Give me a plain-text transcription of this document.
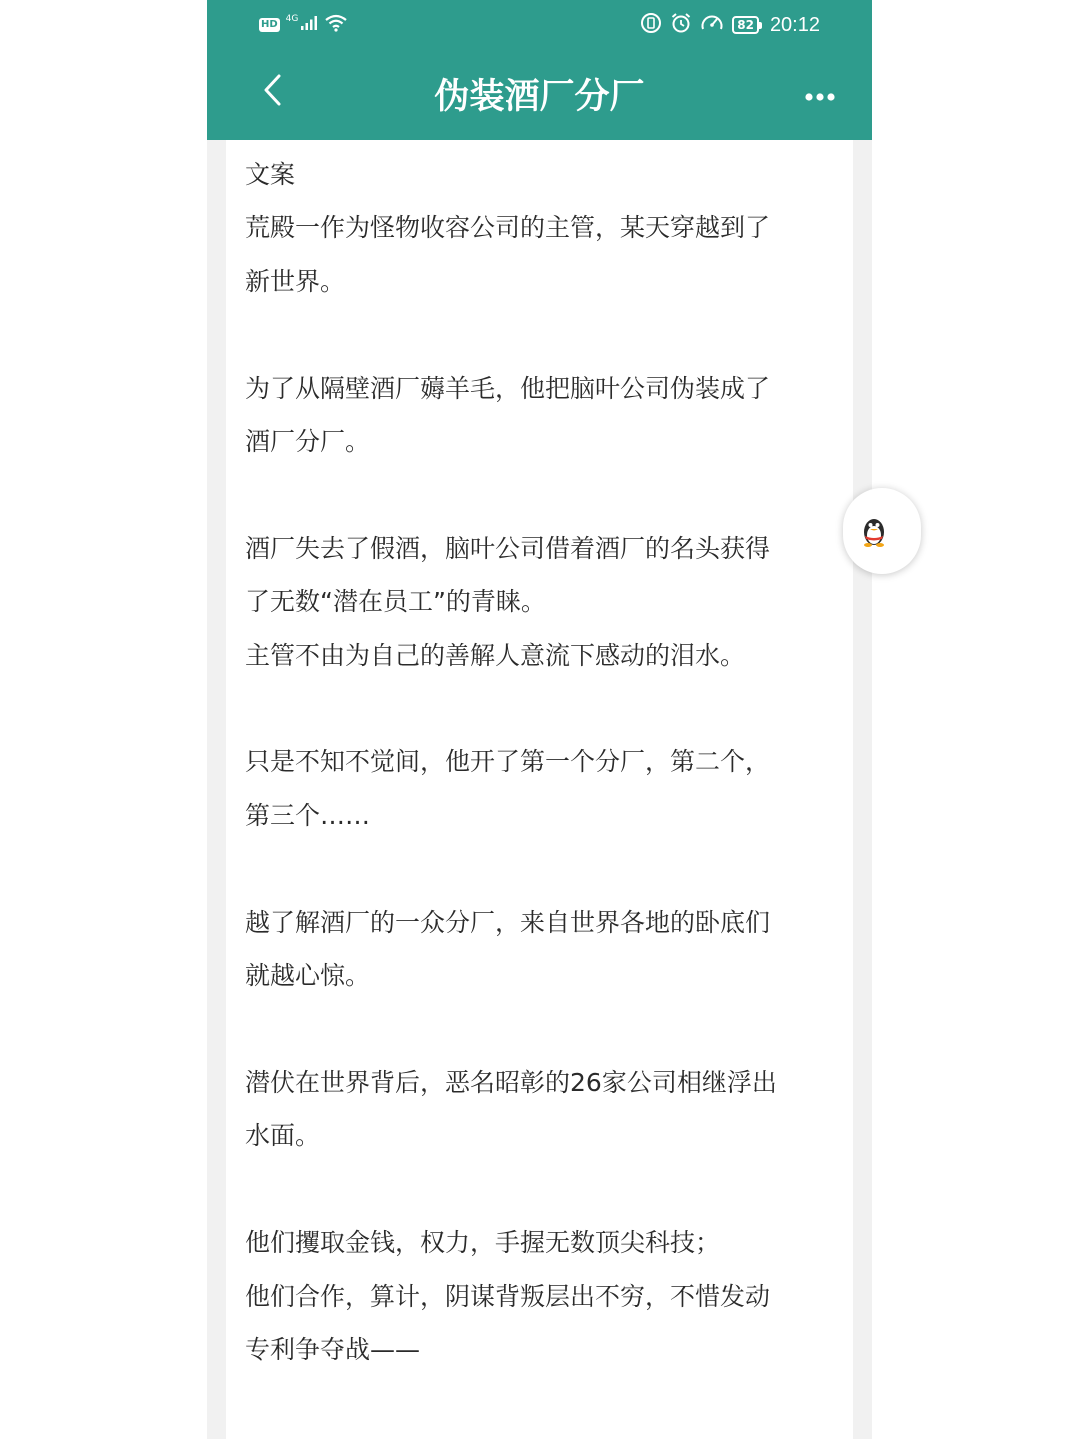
HD 4G	82 20:12
伪装酒厂分厂

文案
荒殿一作为怪物收容公司的主管，某天穿越到了
新世界。

为了从隔壁酒厂薅羊毛，他把脑叶公司伪装成了
酒厂分厂。

酒厂失去了假酒，脑叶公司借着酒厂的名头获得
了无数“潜在员工”的青睐。
主管不由为自己的善解人意流下感动的泪水。

只是不知不觉间，他开了第一个分厂，第二个，
第三个……

越了解酒厂的一众分厂，来自世界各地的卧底们
就越心惊。

潜伏在世界背后，恶名昭彰的26家公司相继浮出
水面。

他们攫取金钱，权力，手握无数顶尖科技；
他们合作，算计，阴谋背叛层出不穷，不惜发动
专利争夺战——
